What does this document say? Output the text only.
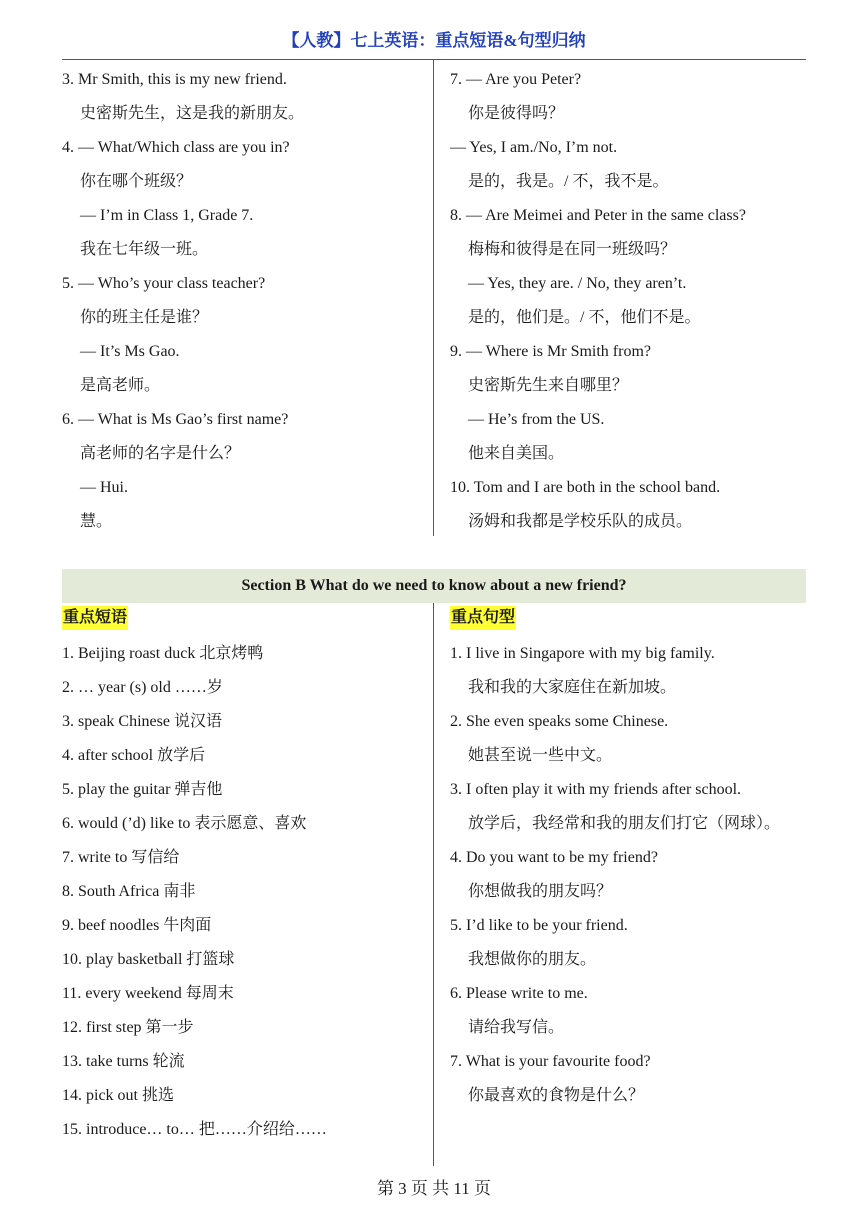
【人教】七上英语：重点短语&句型归纳
3. Mr Smith, this is my new friend.
史密斯先生，这是我的新朋友。
4. — What/Which class are you in?
你在哪个班级？
— I’m in Class 1, Grade 7.
我在七年级一班。
5. — Who’s your class teacher?
你的班主任是谁？
— It’s Ms Gao.
是高老师。
6. — What is Ms Gao’s first name?
高老师的名字是什么？
— Hui.
慧。
7. — Are you Peter?
你是彼得吗？
— Yes, I am./No, I’m not.
是的，我是。/ 不，我不是。
8. — Are Meimei and Peter in the same class?
梅梅和彼得是在同一班级吗？
— Yes, they are. / No, they aren’t.
是的，他们是。/ 不，他们不是。
9. — Where is Mr Smith from?
史密斯先生来自哪里？
— He’s from the US.
他来自美国。
10. Tom and I are both in the school band.
汤姆和我都是学校乐队的成员。
Section B What do we need to know about a new friend?
重点短语	重点句型
1. Beijing roast duck 北京烤鸭
2. … year (s) old ……岁
3. speak Chinese 说汉语
4. after school 放学后
5. play the guitar 弹吉他
6. would (’d) like to 表示愿意、喜欢
7. write to 写信给
8. South Africa 南非
9. beef noodles 牛肉面
10. play basketball 打篮球
11. every weekend 每周末
12. first step 第一步
13. take turns 轮流
14. pick out 挑选
15. introduce… to… 把……介绍给……
1. I live in Singapore with my big family.
我和我的大家庭住在新加坡。
2. She even speaks some Chinese.
她甚至说一些中文。
3. I often play it with my friends after school.
放学后，我经常和我的朋友们打它（网球）。
4. Do you want to be my friend?
你想做我的朋友吗？
5. I’d like to be your friend.
我想做你的朋友。
6. Please write to me.
请给我写信。
7. What is your favourite food?
你最喜欢的食物是什么？
第 3 页 共 11 页
